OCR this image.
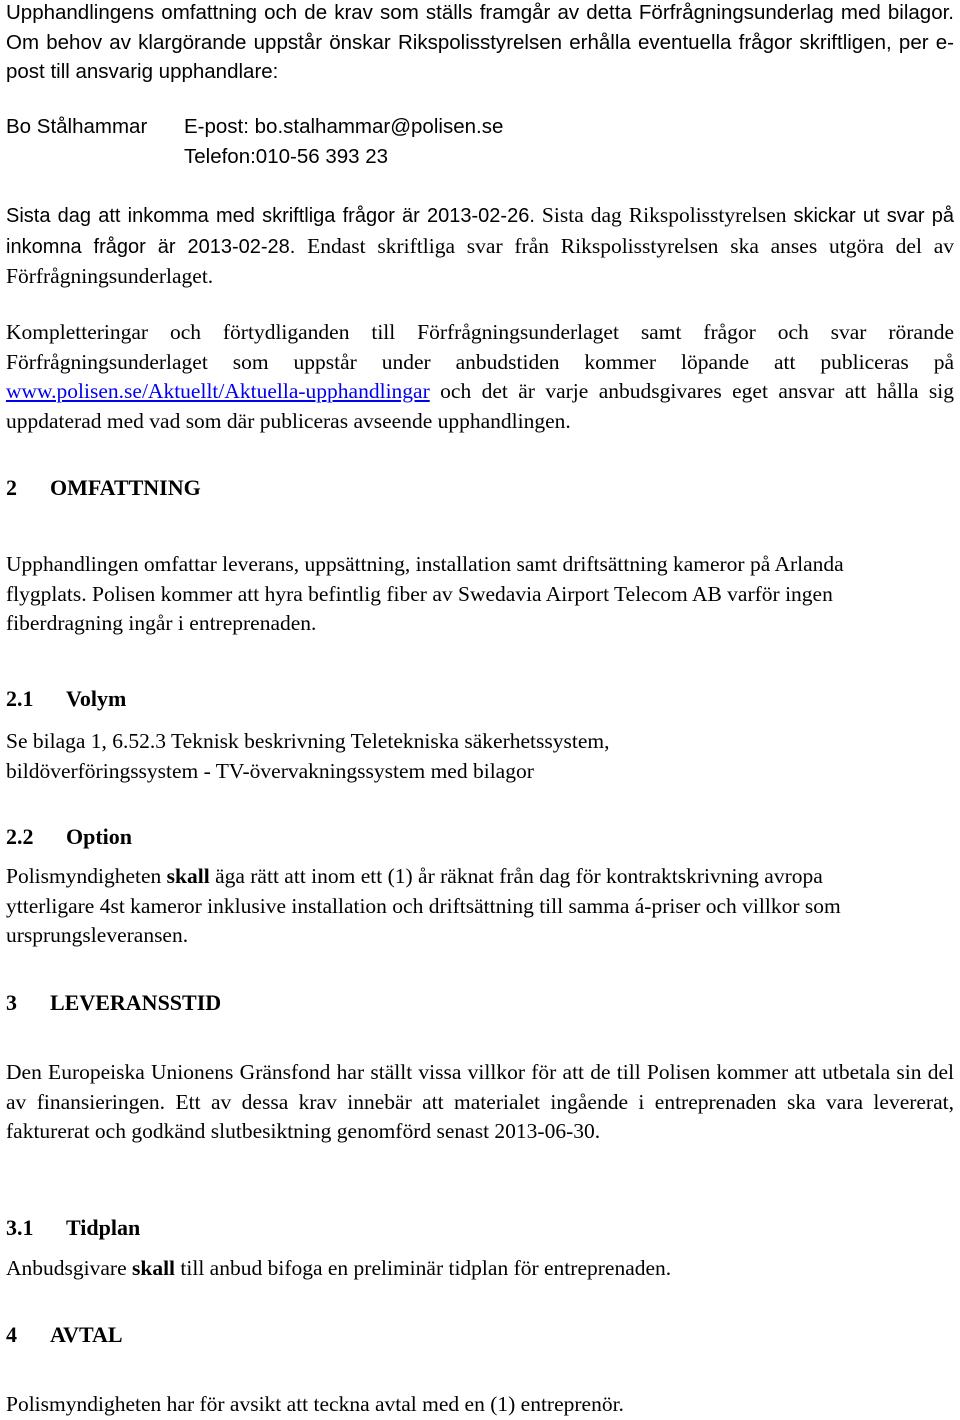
Upphandlingens omfattning och de krav som ställs framgår av detta Förfrågningsunderlag med bilagor. Om behov av klargörande uppstår önskar Rikspolisstyrelsen erhålla eventuella frågor skriftligen, per e-post till ansvarig upphandlare:

Bo Stålhammar	E-post: bo.stalhammar@polisen.se
Telefon:010-56 393 23

Sista dag att inkomma med skriftliga frågor är 2013-02-26. Sista dag Rikspolisstyrelsen skickar ut svar på inkomna frågor är 2013-02-28. Endast skriftliga svar från Rikspolisstyrelsen ska anses utgöra del av Förfrågningsunderlaget.

Kompletteringar och förtydliganden till Förfrågningsunderlaget samt frågor och svar rörande Förfrågningsunderlaget som uppstår under anbudstiden kommer löpande att publiceras på www.polisen.se/Aktuellt/Aktuella-upphandlingar och det är varje anbudsgivares eget ansvar att hålla sig uppdaterad med vad som där publiceras avseende upphandlingen.

2	OMFATTNING

Upphandlingen omfattar leverans, uppsättning, installation samt driftsättning kameror på Arlanda flygplats. Polisen kommer att hyra befintlig fiber av Swedavia Airport Telecom AB varför ingen fiberdragning ingår i entreprenaden.

2.1	Volym

Se bilaga 1, 6.52.3 Teknisk beskrivning Teletekniska säkerhetssystem, bildöverföringssystem - TV-övervakningssystem med bilagor

2.2	Option

Polismyndigheten skall äga rätt att inom ett (1) år räknat från dag för kontraktskrivning avropa ytterligare 4st kameror inklusive installation och driftsättning till samma á-priser och villkor som ursprungsleveransen.

3	LEVERANSSTID

Den Europeiska Unionens Gränsfond har ställt vissa villkor för att de till Polisen kommer att utbetala sin del av finansieringen. Ett av dessa krav innebär att materialet ingående i entreprenaden ska vara levererat, fakturerat och godkänd slutbesiktning genomförd senast 2013-06-30.

3.1	Tidplan

Anbudsgivare skall till anbud bifoga en preliminär tidplan för entreprenaden.

4	AVTAL

Polismyndigheten har för avsikt att teckna avtal med en (1) entreprenör.
